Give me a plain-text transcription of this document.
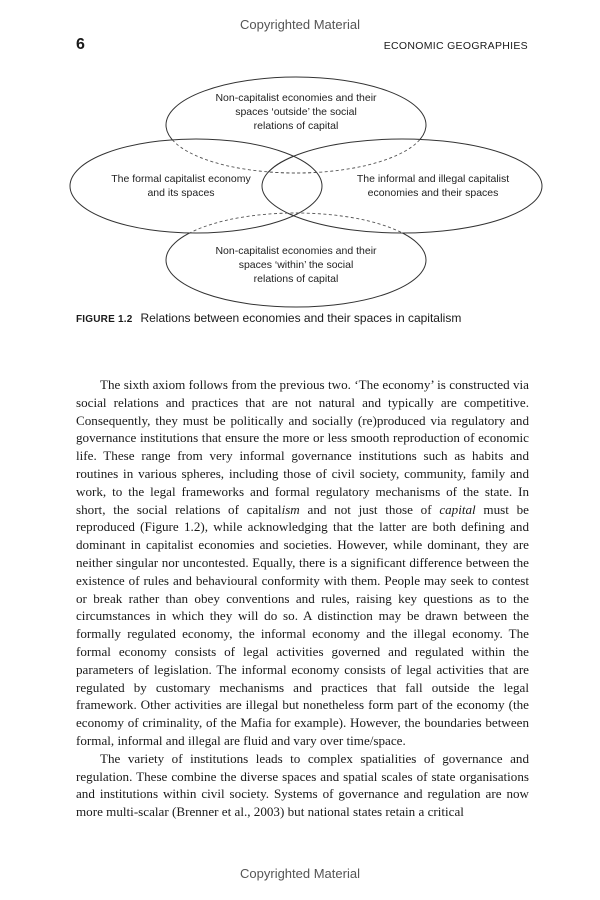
Copyrighted Material
6	ECONOMIC GEOGRAPHIES
Non-capitalist economies and their
spaces ‘outside’ the social
relations of capital
The formal capitalist economy
and its spaces
The informal and illegal capitalist
economies and their spaces
Non-capitalist economies and their
spaces ‘within’ the social
relations of capital
FIGURE 1.2 Relations between economies and their spaces in capitalism

The sixth axiom follows from the previous two. ‘The economy’ is constructed via social relations and practices that are not natural and typically are competitive. Consequently, they must be politically and socially (re)produced via regulatory and governance institutions that ensure the more or less smooth reproduction of economic life. These range from very informal governance institutions such as habits and routines in various spheres, including those of civil society, community, family and work, to the legal frameworks and formal regulatory mechanisms of the state. In short, the social relations of capitalism and not just those of capital must be reproduced (Figure 1.2), while acknowledging that the latter are both defining and dominant in capitalist economies and societies. However, while dominant, they are neither singular nor uncontested. Equally, there is a significant difference between the existence of rules and behavioural conformity with them. People may seek to contest or break rather than obey conventions and rules, raising key questions as to the circumstances in which they will do so. A distinction may be drawn between the formally regulated economy, the informal economy and the illegal economy. The formal economy consists of legal activities governed and regulated within the parameters of legislation. The informal economy consists of legal activities that are regulated by customary mechanisms and practices that fall outside the legal framework. Other activities are illegal but nonetheless form part of the economy (the economy of criminality, of the Mafia for example). However, the boundaries between formal, informal and illegal are fluid and vary over time/space.

The variety of institutions leads to complex spatialities of governance and regulation. These combine the diverse spaces and spatial scales of state organisations and institutions within civil society. Systems of governance and regulation are now more multi-scalar (Brenner et al., 2003) but national states retain a critical

Copyrighted Material
